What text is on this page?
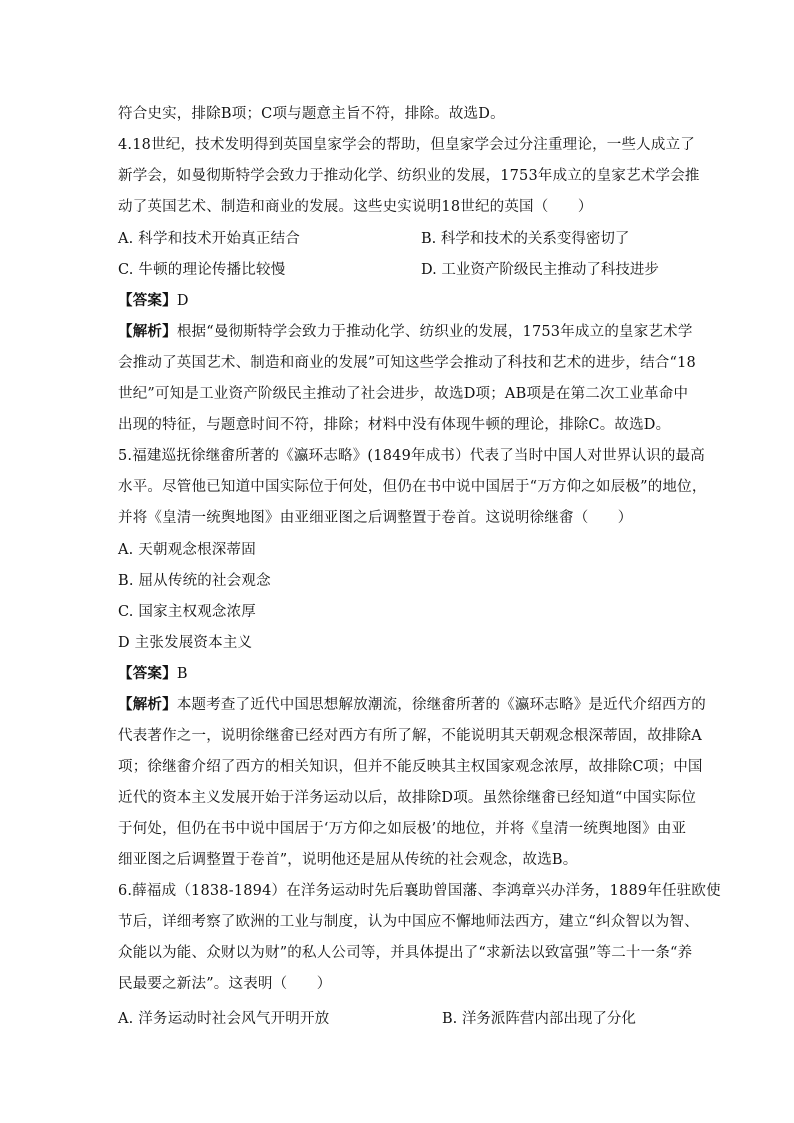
符合史实，排除B项；C项与题意主旨不符，排除。故选D。
4.18世纪，技术发明得到英国皇家学会的帮助，但皇家学会过分注重理论，一些人成立了
新学会，如曼彻斯特学会致力于推动化学、纺织业的发展，1753年成立的皇家艺术学会推
动了英国艺术、制造和商业的发展。这些史实说明18世纪的英国（　　）
A. 科学和技术开始真正结合	B. 科学和技术的关系变得密切了
C. 牛顿的理论传播比较慢	D. 工业资产阶级民主推动了科技进步
【答案】D
【解析】根据“曼彻斯特学会致力于推动化学、纺织业的发展，1753年成立的皇家艺术学
会推动了英国艺术、制造和商业的发展”可知这些学会推动了科技和艺术的进步，结合“18
世纪”可知是工业资产阶级民主推动了社会进步，故选D项；AB项是在第二次工业革命中
出现的特征，与题意时间不符，排除；材料中没有体现牛顿的理论，排除C。故选D。
5.福建巡抚徐继畬所著的《瀛环志略》(1849年成书）代表了当时中国人对世界认识的最高
水平。尽管他已知道中国实际位于何处，但仍在书中说中国居于“万方仰之如辰极”的地位，
并将《皇清一统舆地图》由亚细亚图之后调整置于卷首。这说明徐继畬（　　）
A. 天朝观念根深蒂固
B. 屈从传统的社会观念
C. 国家主权观念浓厚
D 主张发展资本主义
【答案】B
【解析】本题考查了近代中国思想解放潮流，徐继畬所著的《瀛环志略》是近代介绍西方的
代表著作之一，说明徐继畬已经对西方有所了解，不能说明其天朝观念根深蒂固，故排除A
项；徐继畬介绍了西方的相关知识，但并不能反映其主权国家观念浓厚，故排除C项；中国
近代的资本主义发展开始于洋务运动以后，故排除D项。虽然徐继畬已经知道“中国实际位
于何处，但仍在书中说中国居于‘万方仰之如辰极’的地位，并将《皇清一统舆地图》由亚
细亚图之后调整置于卷首”，说明他还是屈从传统的社会观念，故选B。
6.薛福成（1838-1894）在洋务运动时先后襄助曾国藩、李鸿章兴办洋务，1889年任驻欧使
节后，详细考察了欧洲的工业与制度，认为中国应不懈地师法西方，建立“纠众智以为智、
众能以为能、众财以为财”的私人公司等，并具体提出了“求新法以致富强”等二十一条“养
民最要之新法”。这表明（　　）
A. 洋务运动时社会风气开明开放	B. 洋务派阵营内部出现了分化
